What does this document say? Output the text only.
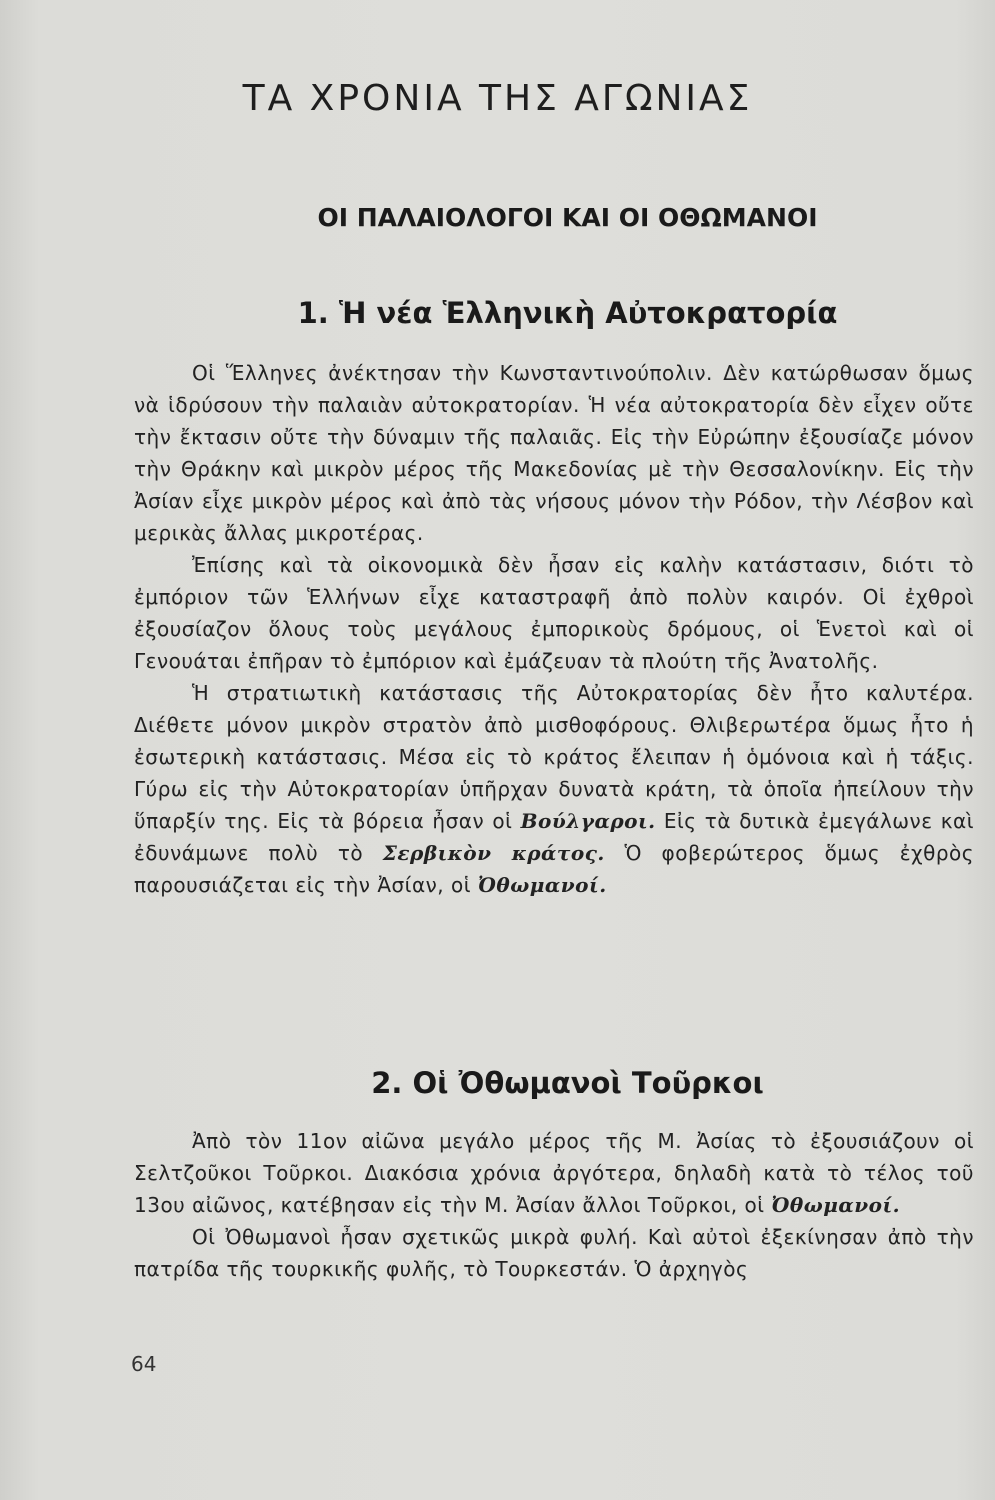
ΤΑ ΧΡΟΝΙΑ ΤΗΣ ΑΓΩΝΙΑΣ
ΟΙ ΠΑΛΑΙΟΛΟΓΟΙ ΚΑΙ ΟΙ ΟΘΩΜΑΝΟΙ
1. Ἡ νέα Ἑλληνικὴ Αὐτοκρατορία

Οἱ Ἕλληνες ἀνέκτησαν τὴν Κωνσταντινούπολιν. Δὲν κατώρθωσαν ὅμως νὰ ἱδρύσουν τὴν παλαιὰν αὐτοκρατορίαν. Ἡ νέα αὐτοκρατορία δὲν εἶχεν οὔτε τὴν ἔκτασιν οὔτε τὴν δύναμιν τῆς παλαιᾶς. Εἰς τὴν Εὐρώπην ἐξουσίαζε μόνον τὴν Θράκην καὶ μικρὸν μέρος τῆς Μακεδονίας μὲ τὴν Θεσσαλονίκην. Εἰς τὴν Ἀσίαν εἶχε μικρὸν μέρος καὶ ἀπὸ τὰς νήσους μόνον τὴν Ρόδον, τὴν Λέσβον καὶ μερικὰς ἄλλας μικροτέρας.

Ἐπίσης καὶ τὰ οἰκονομικὰ δὲν ἦσαν εἰς καλὴν κατάστασιν, διότι τὸ ἐμπόριον τῶν Ἑλλήνων εἶχε καταστραφῆ ἀπὸ πολὺν καιρόν. Οἱ ἐχθροὶ ἐξουσίαζον ὅλους τοὺς μεγάλους ἐμπορικοὺς δρόμους, οἱ Ἑνετοὶ καὶ οἱ Γενουάται ἐπῆραν τὸ ἐμπόριον καὶ ἐμάζευαν τὰ πλούτη τῆς Ἀνατολῆς.

Ἡ στρατιωτικὴ κατάστασις τῆς Αὐτοκρατορίας δὲν ἦτο καλυτέρα. Διέθετε μόνον μικρὸν στρατὸν ἀπὸ μισθοφόρους. Θλιβερωτέρα ὅμως ἦτο ἡ ἐσωτερικὴ κατάστασις. Μέσα εἰς τὸ κράτος ἔλειπαν ἡ ὁμόνοια καὶ ἡ τάξις. Γύρω εἰς τὴν Αὐτοκρατορίαν ὑπῆρχαν δυνατὰ κράτη, τὰ ὁποῖα ἠπείλουν τὴν ὕπαρξίν της. Εἰς τὰ βόρεια ἦσαν οἱ Βούλγαροι. Εἰς τὰ δυτικὰ ἐμεγάλωνε καὶ ἐδυνάμωνε πολὺ τὸ Σερβικὸν κράτος. Ὁ φοβερώτερος ὅμως ἐχθρὸς παρουσιάζεται εἰς τὴν Ἀσίαν, οἱ Ὀθωμανοί.

2. Οἱ Ὀθωμανοὶ Τοῦρκοι

Ἀπὸ τὸν 11ον αἰῶνα μεγάλο μέρος τῆς Μ. Ἀσίας τὸ ἐξουσιάζουν οἱ Σελτζοῦκοι Τοῦρκοι. Διακόσια χρόνια ἀργότερα, δηλαδὴ κατὰ τὸ τέλος τοῦ 13ου αἰῶνος, κατέβησαν εἰς τὴν Μ. Ἀσίαν ἄλλοι Τοῦρκοι, οἱ Ὀθωμανοί.

Οἱ Ὀθωμανοὶ ἦσαν σχετικῶς μικρὰ φυλή. Καὶ αὐτοὶ ἐξεκίνησαν ἀπὸ τὴν πατρίδα τῆς τουρκικῆς φυλῆς, τὸ Τουρκεστάν. Ὁ ἀρχηγὸς

64
